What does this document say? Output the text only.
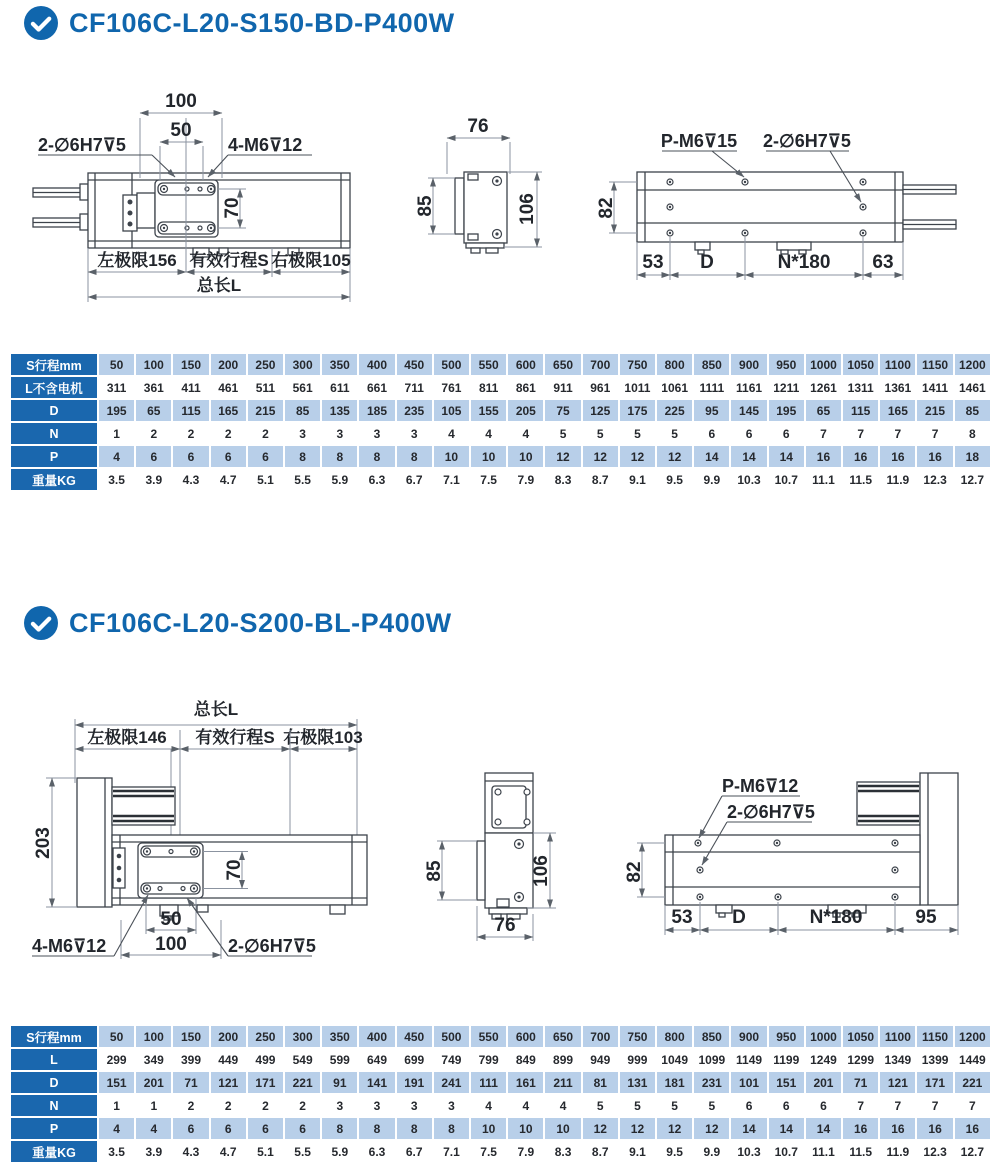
CF106C-L20-S150-BD-P400W
100
50
2-∅6H7⊽5	4-M6⊽12
70
左极限156 有效行程S 右极限105
总长L
76
85	106
P-M6⊽15 2-∅6H7⊽5
82
53 D	N*180 63
S行程mm	50	100	150	200	250	300	350	400	450	500	550	600	650	700	750	800	850	900	950	1000	1050	1100	1150	1200
L不含电机	311	361	411	461	511	561	611	661	711	761	811	861	911	961	1011	1061	1111	1161	1211	1261	1311	1361	1411	1461
D	195	65	115	165	215	85	135	185	235	105	155	205	75	125	175	225	95	145	195	65	115	165	215	85
N	1	2	2	2	2	3	3	3	3	4	4	4	5	5	5	5	6	6	6	7	7	7	7	8
P	4	6	6	6	6	8	8	8	8	10	10	10	12	12	12	12	14	14	14	16	16	16	16	18
重量KG	3.5	3.9	4.3	4.7	5.1	5.5	5.9	6.3	6.7	7.1	7.5	7.9	8.3	8.7	9.1	9.5	9.9	10.3	10.7	11.1	11.5	11.9	12.3	12.7
CF106C-L20-S200-BL-P400W
总长L
左极限146 有效行程S 右极限103
70
203
50
100
4-M6⊽12	2-∅6H7⊽5
85	106
76
P-M6⊽12
2-∅6H7⊽5
82
53 D	N*180	95
S行程mm	50	100	150	200	250	300	350	400	450	500	550	600	650	700	750	800	850	900	950	1000	1050	1100	1150	1200
L	299	349	399	449	499	549	599	649	699	749	799	849	899	949	999	1049	1099	1149	1199	1249	1299	1349	1399	1449
D	151	201	71	121	171	221	91	141	191	241	111	161	211	81	131	181	231	101	151	201	71	121	171	221
N	1	1	2	2	2	2	3	3	3	3	4	4	4	5	5	5	5	6	6	6	7	7	7	7
P	4	4	6	6	6	6	8	8	8	8	10	10	10	12	12	12	12	14	14	14	16	16	16	16
重量KG	3.5	3.9	4.3	4.7	5.1	5.5	5.9	6.3	6.7	7.1	7.5	7.9	8.3	8.7	9.1	9.5	9.9	10.3	10.7	11.1	11.5	11.9	12.3	12.7
